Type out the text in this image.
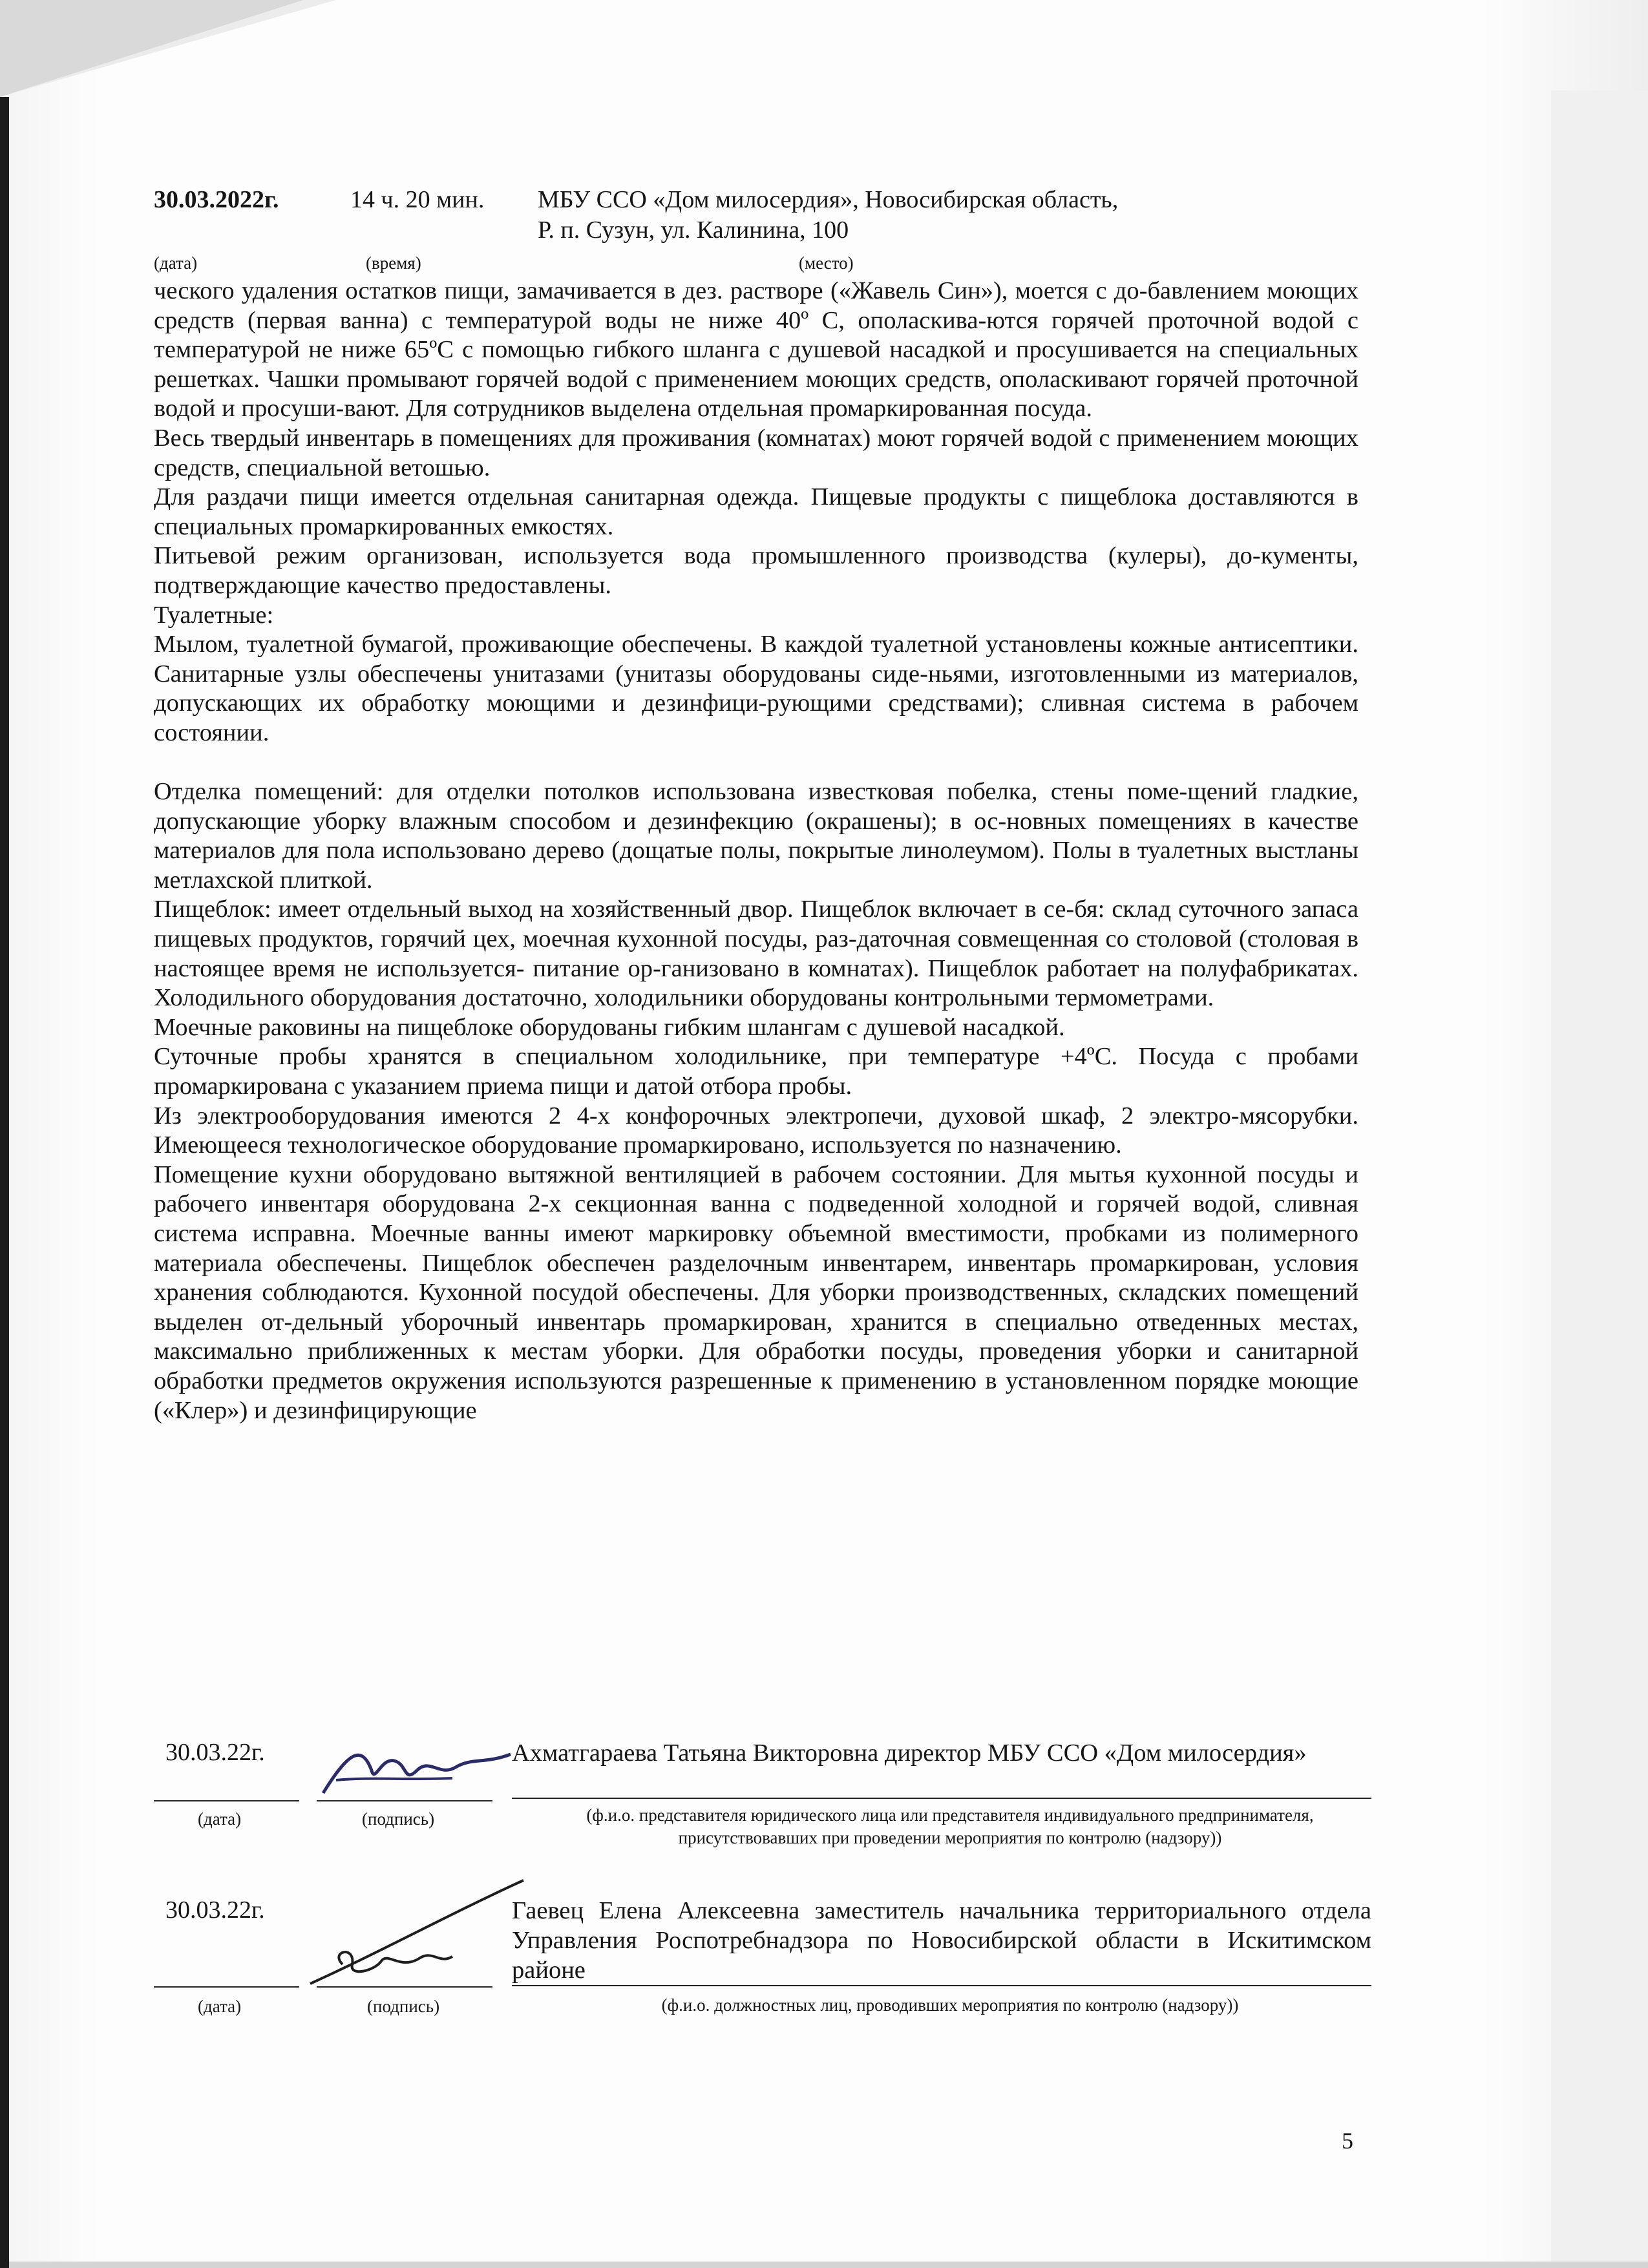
30.03.2022г.	14 ч. 20 мин. МБУ ССО «Дом милосердия», Новосибирская область,
Р. п. Сузун, ул. Калинина, 100
(дата)	(время)	(место)

ческого удаления остатков пищи, замачивается в дез. растворе («Жавель Син»), моется с до-бавлением моющих средств (первая ванна) с температурой воды не ниже 40º С, ополаскива-ются горячей проточной водой с температурой не ниже 65ºС с помощью гибкого шланга с душевой насадкой и просушивается на специальных решетках. Чашки промывают горячей водой с применением моющих средств, ополаскивают горячей проточной водой и просуши-вают. Для сотрудников выделена отдельная промаркированная посуда.

Весь твердый инвентарь в помещениях для проживания (комнатах) моют горячей водой с применением моющих средств, специальной ветошью.

Для раздачи пищи имеется отдельная санитарная одежда. Пищевые продукты с пищеблока доставляются в специальных промаркированных емкостях.

Питьевой режим организован, используется вода промышленного производства (кулеры), до-кументы, подтверждающие качество предоставлены.

Туалетные:

Мылом, туалетной бумагой, проживающие обеспечены. В каждой туалетной установлены кожные антисептики. Санитарные узлы обеспечены унитазами (унитазы оборудованы сиде-ньями, изготовленными из материалов, допускающих их обработку моющими и дезинфици-рующими средствами); сливная система в рабочем состоянии.

Отделка помещений: для отделки потолков использована известковая побелка, стены поме-щений гладкие, допускающие уборку влажным способом и дезинфекцию (окрашены); в ос-новных помещениях в качестве материалов для пола использовано дерево (дощатые полы, покрытые линолеумом). Полы в туалетных выстланы метлахской плиткой.

Пищеблок: имеет отдельный выход на хозяйственный двор. Пищеблок включает в се-бя: склад суточного запаса пищевых продуктов, горячий цех, моечная кухонной посуды, раз-даточная совмещенная со столовой (столовая в настоящее время не используется- питание ор-ганизовано в комнатах). Пищеблок работает на полуфабрикатах. Холодильного оборудования достаточно, холодильники оборудованы контрольными термометрами.

Моечные раковины на пищеблоке оборудованы гибким шлангам с душевой насадкой.

Суточные пробы хранятся в специальном холодильнике, при температуре +4ºС. Посуда с пробами промаркирована с указанием приема пищи и датой отбора пробы.

Из электрооборудования имеются 2 4-х конфорочных электропечи, духовой шкаф, 2 электро-мясорубки. Имеющееся технологическое оборудование промаркировано, используется по назначению.

Помещение кухни оборудовано вытяжной вентиляцией в рабочем состоянии. Для мытья кухонной посуды и рабочего инвентаря оборудована 2-х секционная ванна с подведенной холодной и горячей водой, сливная система исправна. Моечные ванны имеют маркировку объемной вместимости, пробками из полимерного материала обеспечены. Пищеблок обеспечен разделочным инвентарем, инвентарь промаркирован, условия хранения соблюдаются. Кухонной посудой обеспечены. Для уборки производственных, складских помещений выделен от-дельный уборочный инвентарь промаркирован, хранится в специально отведенных местах, максимально приближенных к местам уборки. Для обработки посуды, проведения уборки и санитарной обработки предметов окружения используются разрешенные к применению в установленном порядке моющие («Клер») и дезинфицирующие

30.03.22г.	Ахматгараева Татьяна Викторовна директор МБУ ССО «Дом милосердия»
(дата)	(подпись)	(ф.и.о. представителя юридического лица или представителя индивидуального предпринимателя, присутствовавших при проведении мероприятия по контролю (надзору))
30.03.22г.	Гаевец Елена Алексеевна заместитель начальника территориального отдела Управления Роспотребнадзора по Новосибирской области в Искитимском районе
(дата)	(подпись)	(ф.и.о. должностных лиц, проводивших мероприятия по контролю (надзору))
5
